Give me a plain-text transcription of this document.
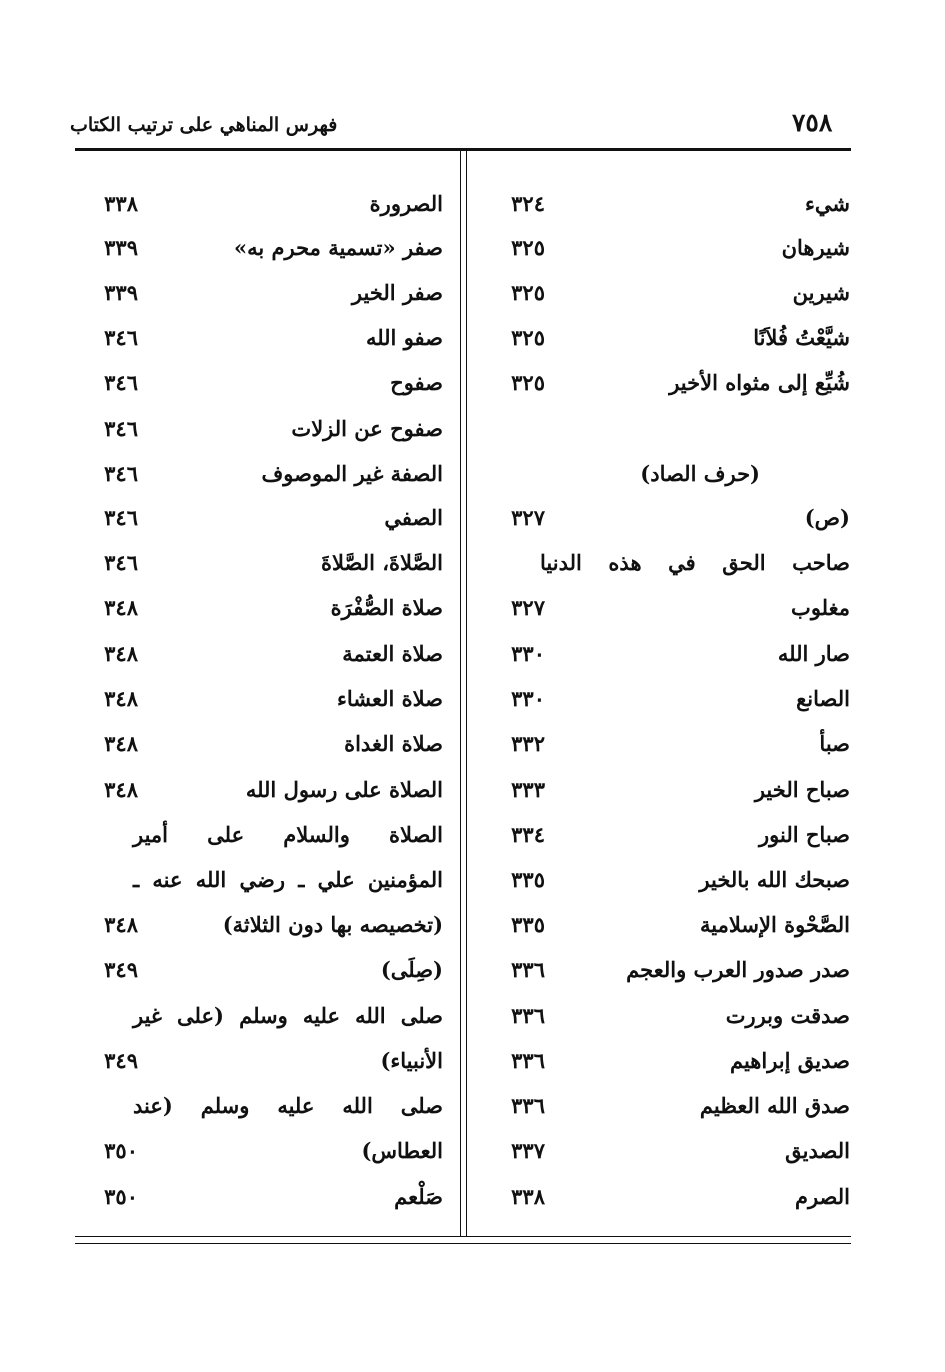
٧٥٨
فهرس المناهي على ترتيب الكتاب
شيء
٣٢٤
شيرهان
٣٢٥
شيرين
٣٢٥
شيَّعْتُ فُلاَنًا
٣٢٥
شُيِّع إلى مثواه الأخير
٣٢٥
(حرف الصاد)
(ص)
٣٢٧
صاحب الحق في هذه الدنيا
مغلوب
٣٢٧
صار الله
٣٣٠
الصانع
٣٣٠
صبأ
٣٣٢
صباح الخير
٣٣٣
صباح النور
٣٣٤
صبحك الله بالخير
٣٣٥
الصَّحْوة الإسلامية
٣٣٥
صدر صدور العرب والعجم
٣٣٦
صدقت وبررت
٣٣٦
صديق إبراهيم
٣٣٦
صدق الله العظيم
٣٣٦
الصديق
٣٣٧
الصرم
٣٣٨
الصرورة
٣٣٨
صفر «تسمية محرم به»
٣٣٩
صفر الخير
٣٣٩
صفو الله
٣٤٦
صفوح
٣٤٦
صفوح عن الزلات
٣٤٦
الصفة غير الموصوف
٣٤٦
الصفي
٣٤٦
الصَّلاةَ، الصَّلاةَ
٣٤٦
صلاة الصُّفْرَة
٣٤٨
صلاة العتمة
٣٤٨
صلاة العشاء
٣٤٨
صلاة الغداة
٣٤٨
الصلاة على رسول الله
٣٤٨
الصلاة والسلام على أمير
المؤمنين علي ـ رضي الله عنه ـ
(تخصيصه بها دون الثلاثة)
٣٤٨
(صِلَى)
٣٤٩
صلى الله عليه وسلم (على غير
الأنبياء)
٣٤٩
صلى الله عليه وسلم (عند
العطاس)
٣٥٠
صَلْعم
٣٥٠
